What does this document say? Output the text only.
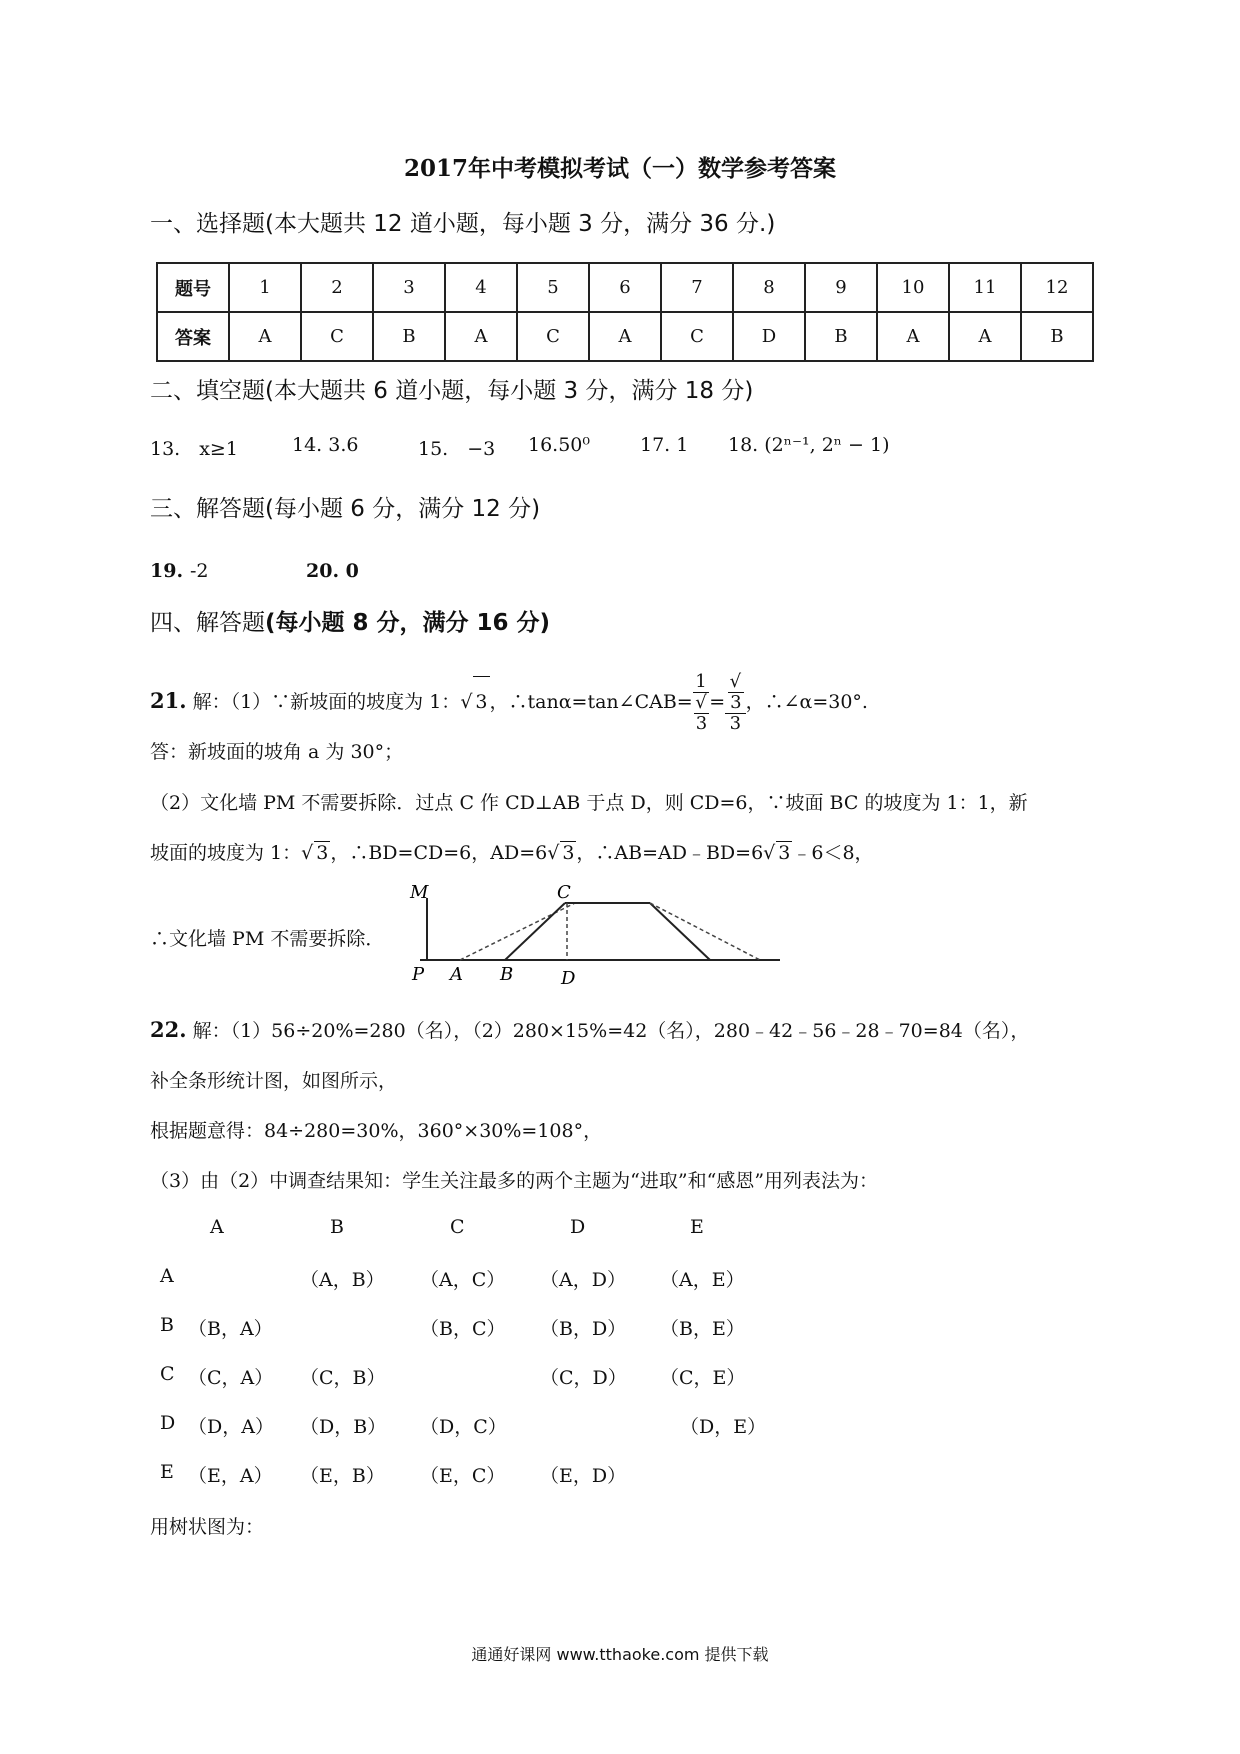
2017年中考模拟考试（一）数学参考答案
一、选择题(本大题共 12 道小题，每小题 3 分，满分 36 分.)
题号	1	2	3	4	5	6	7	8	9	10	11	12
答案	A	C	B	A	C	A	C	D	B	A	A	B
二、填空题(本大题共 6 道小题，每小题 3 分，满分 18 分)
13.　x≥1	14. 3.6	15.　−3 16.50⁰	17. 1 18. (2ⁿ⁻¹, 2ⁿ − 1)
三、解答题(每小题 6 分，满分 12 分)
19. -2	20. 0
四、解答题(每小题 8 分，满分 16 分)
21. 解：（1）∵新坡面的坡度为 1：√ 3 ，∴tanα=tan∠CAB= 1
√
3 = √
3
3 ，∴∠α=30°.
答：新坡面的坡角 a 为 30°；
（2）文化墙 PM 不需要拆除．过点 C 作 CD⊥AB 于点 D，则 CD=6，∵坡面 BC 的坡度为 1：1，新
坡面的坡度为 1：√ 3 ，∴BD=CD=6，AD=6√ 3 ，∴AB=AD﹣BD=6√ 3 ﹣6＜8，
∴文化墙 PM 不需要拆除．
M	C
P A B	D
22. 解：（1）56÷20%=280（名），（2）280×15%=42（名），280﹣42﹣56﹣28﹣70=84（名），
补全条形统计图，如图所示，
根据题意得：84÷280=30%，360°×30%=108°，
（3）由（2）中调查结果知：学生关注最多的两个主题为“进取”和“感恩”用列表法为：
A	B	C	D	E
A	（A，B） （A，C） （A，D） （A，E）
B （B，A）	（B，C） （B，D） （B，E）
C （C，A） （C，B）	（C，D） （C，E）
D （D，A） （D，B） （D，C）	（D，E）
E （E，A） （E，B） （E，C） （E，D）
用树状图为：
通通好课网 www.tthaoke.com 提供下载
